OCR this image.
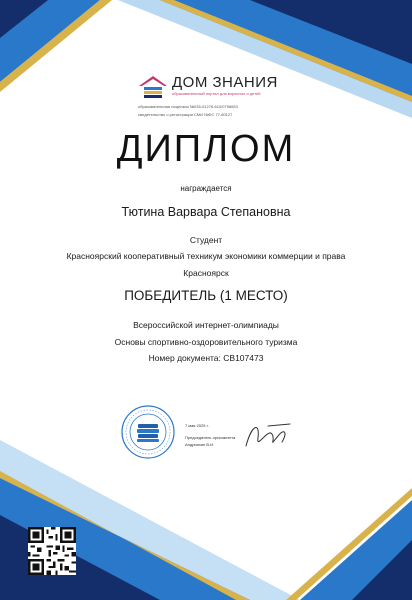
ДОМ ЗНАНИЯ
образовательный портал для взрослых и детей
образовательная лицензия №035-01276-610/0798653
свидетельство о регистрации СМИ №ФС 77-80127
ДИПЛОМ
награждается
Тютина Варвара Степановна
Студент
Красноярский кооперативный техникум экономики коммерции и права
Красноярск
ПОБЕДИТЕЛЬ (1 МЕСТО)
Всероссийской интернет-олимпиады
Основы спортивно-оздоровительного туризма
Номер документа: CB107473
7 мая 2025 г.
Председатель оргкомитета
Андрияхин В.И.
